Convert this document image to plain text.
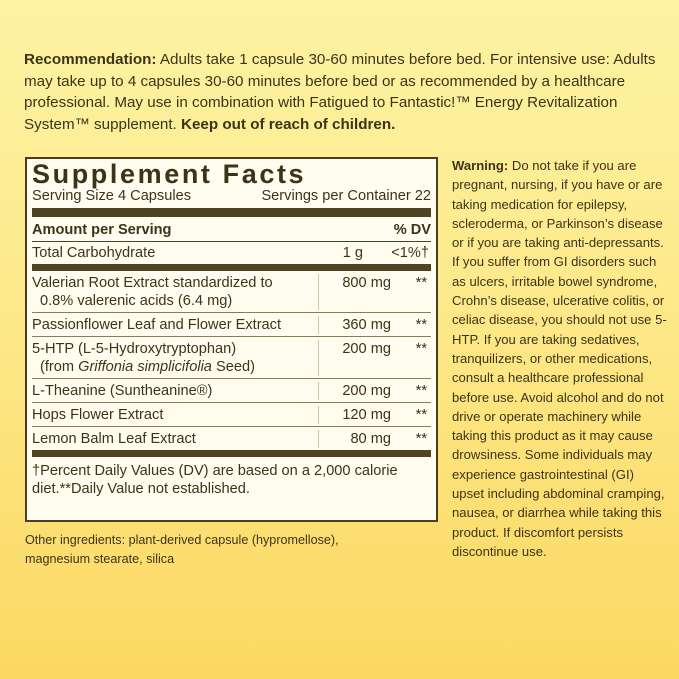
Recommendation: Adults take 1 capsule 30-60 minutes before bed. For intensive use: Adults may take up to 4 capsules 30-60 minutes before bed or as recommended by a healthcare professional. May use in combination with Fatigued to Fantastic!™ Energy Revitalization System™ supplement. Keep out of reach of children.
Supplement Facts
Serving Size 4 Capsules	Servings per Container 22
Amount per Serving	% DV
Total Carbohydrate	1 g	<1%†
Valerian Root Extract standardized to
0.8% valerenic acids (6.4 mg)
800 mg	**
Passionflower Leaf and Flower Extract	360 mg	**
5-HTP (L-5-Hydroxytryptophan)
(from Griffonia simplicifolia Seed)
200 mg	**
L-Theanine (Suntheanine®)	200 mg	**
Hops Flower Extract	120 mg	**
Lemon Balm Leaf Extract	80 mg	**
†Percent Daily Values (DV) are based on a 2,000 calorie diet.**Daily Value not established.
Other ingredients: plant-derived capsule (hypromellose), magnesium stearate, silica
Warning: Do not take if you are pregnant, nursing, if you have or are taking medication for epilepsy, scleroderma, or Parkinson’s disease or if you are taking anti-depressants. If you suffer from GI disorders such as ulcers, irritable bowel syndrome, Crohn’s disease, ulcerative colitis, or celiac disease, you should not use 5-HTP. If you are taking sedatives, tranquilizers, or other medications, consult a healthcare professional before use. Avoid alcohol and do not drive or operate machinery while taking this product as it may cause drowsiness. Some individuals may experience gastrointestinal (GI) upset including abdominal cramping, nausea, or diarrhea while taking this product. If discomfort persists discontinue use.
